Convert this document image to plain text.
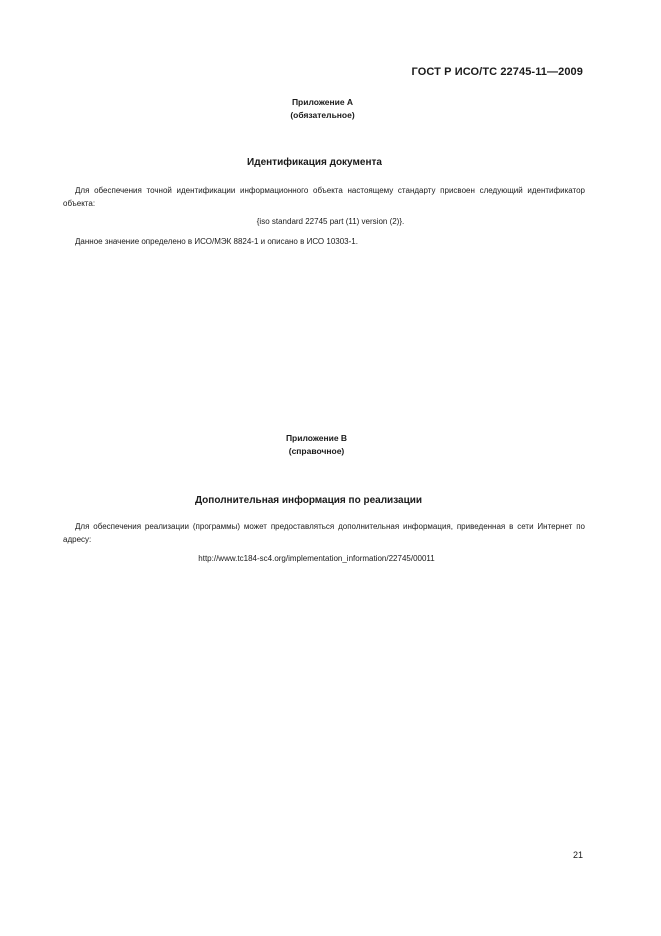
ГОСТ Р ИСО/ТС 22745-11—2009
Приложение А
(обязательное)
Идентификация документа
Для обеспечения точной идентификации информационного объекта настоящему стандарту присвоен следующий идентификатор объекта:
{iso standard 22745 part (11) version (2)}.
Данное значение определено в ИСО/МЭК 8824-1 и описано в ИСО 10303-1.
Приложение В
(справочное)
Дополнительная информация по реализации
Для обеспечения реализации (программы) может предоставляться дополнительная информация, приведенная в сети Интернет по адресу:
http://www.tc184-sc4.org/implementation_information/22745/00011
21
